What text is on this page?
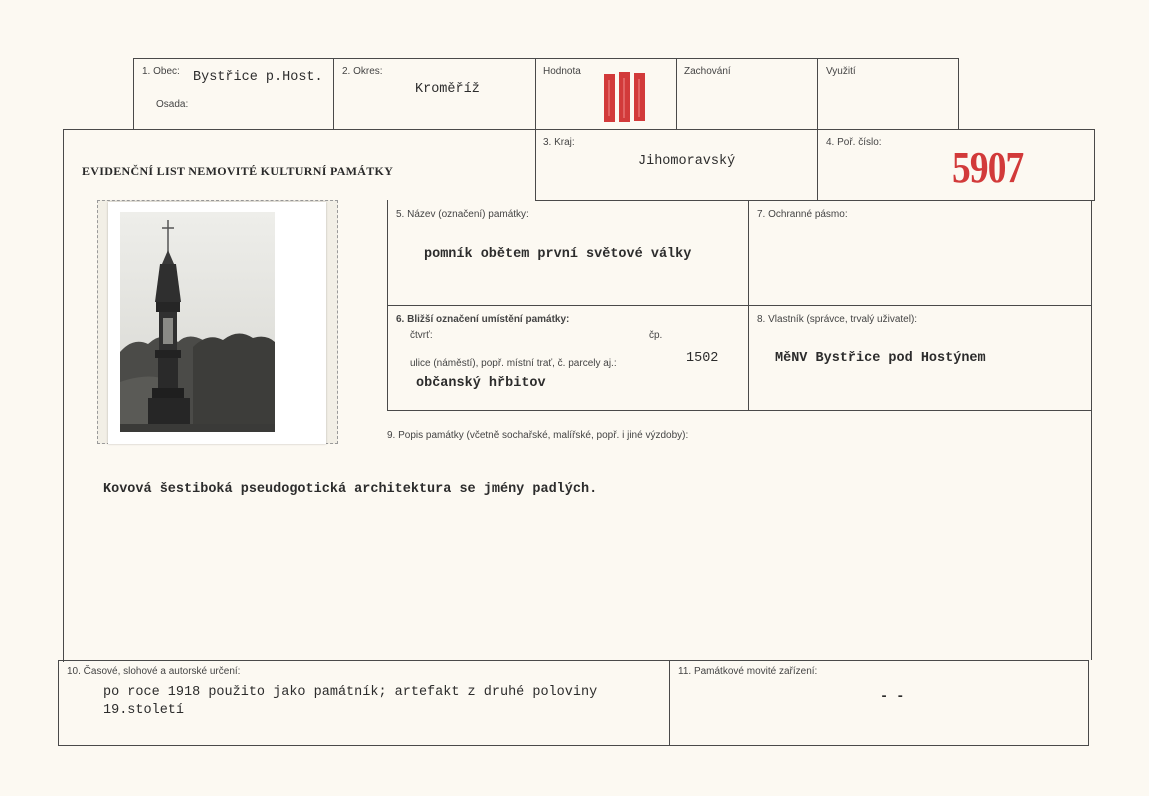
1. Obec: Bystřice p.Host.
Osada:
2. Okres:
Kroměříž
Hodnota	Zachování	Využití
EVIDENČNÍ LIST NEMOVITÉ KULTURNÍ PAMÁTKY
3. Kraj:
Jihomoravský
4. Poř. číslo:
5907
5. Název (označení) památky:
pomník obětem první světové války
7. Ochranné pásmo:
6. Bližší označení umístění památky:
čtvrť:	čp.
ulice (náměstí), popř. místní trať, č. parcely aj.:	1502
občanský hřbitov
8. Vlastník (správce, trvalý uživatel):
MěNV Bystřice pod Hostýnem
9. Popis památky (včetně sochařské, malířské, popř. i jiné výzdoby):
Kovová šestiboká pseudogotická architektura se jmény padlých.
10. Časové, slohové a autorské určení:
po roce 1918 použito jako památník; artefakt z druhé poloviny
19.století
11. Památkové movité zařízení:
- -
